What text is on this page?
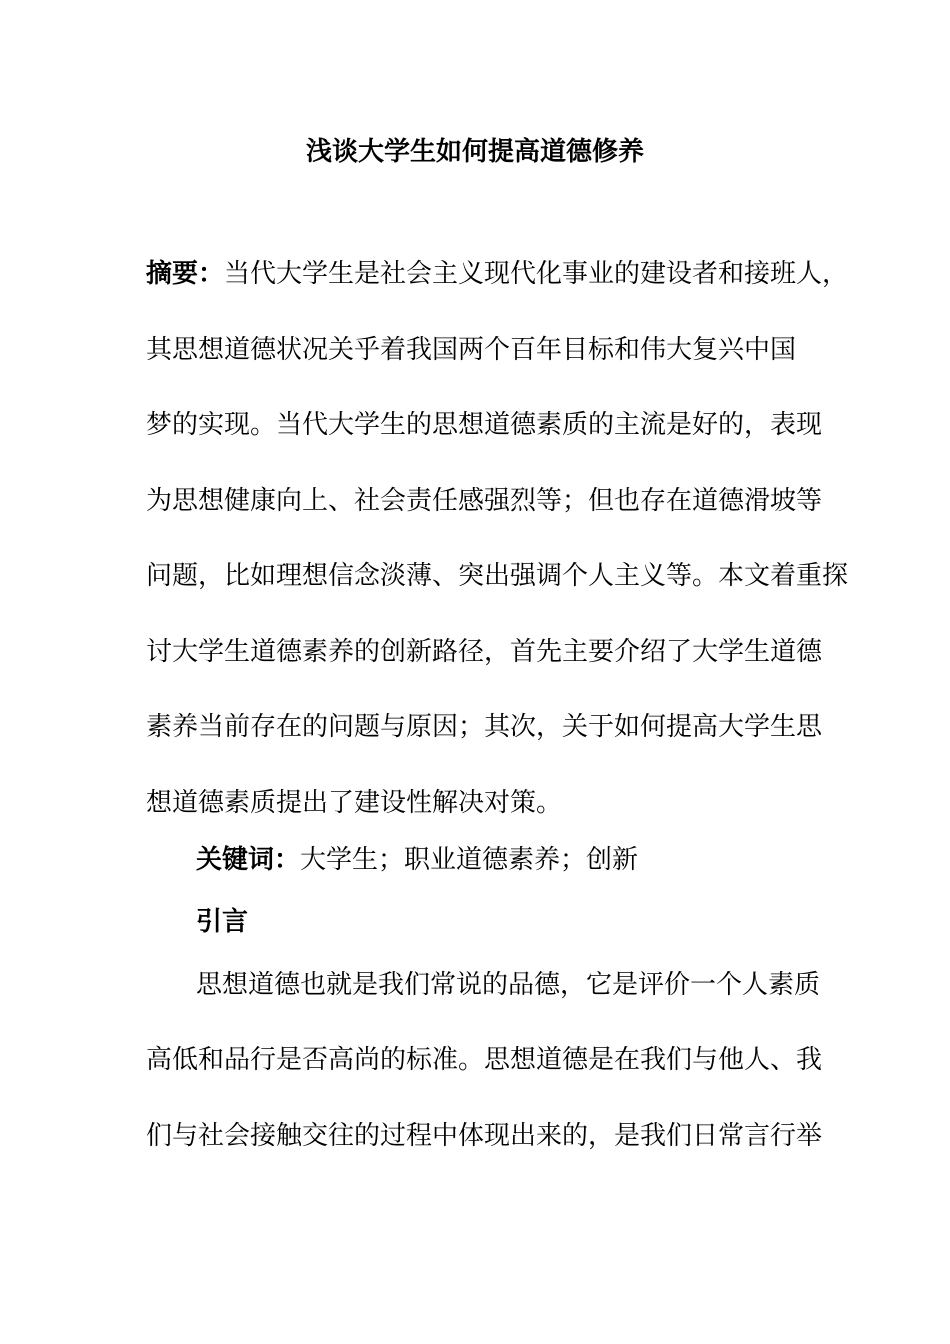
浅谈大学生如何提高道德修养
摘要：当代大学生是社会主义现代化事业的建设者和接班人，
其思想道德状况关乎着我国两个百年目标和伟大复兴中国
梦的实现。当代大学生的思想道德素质的主流是好的，表现
为思想健康向上、社会责任感强烈等；但也存在道德滑坡等
问题，比如理想信念淡薄、突出强调个人主义等。本文着重探
讨大学生道德素养的创新路径，首先主要介绍了大学生道德
素养当前存在的问题与原因；其次，关于如何提高大学生思
想道德素质提出了建设性解决对策。
关键词：大学生；职业道德素养；创新
引言
思想道德也就是我们常说的品德，它是评价一个人素质
高低和品行是否高尚的标准。思想道德是在我们与他人、我
们与社会接触交往的过程中体现出来的，是我们日常言行举
